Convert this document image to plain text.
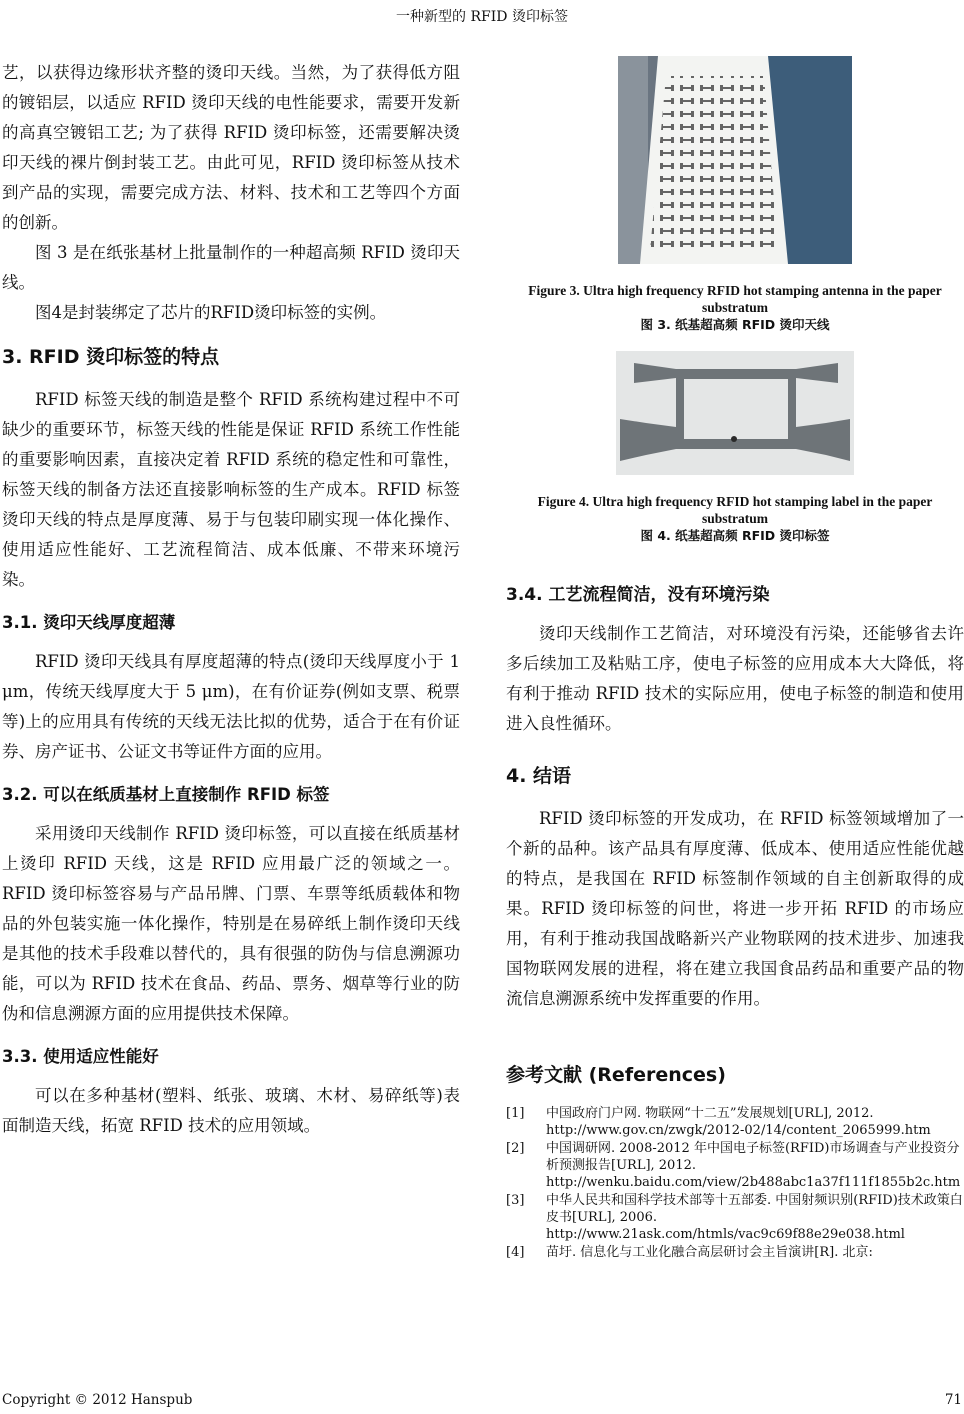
一种新型的 RFID 烫印标签

艺，以获得边缘形状齐整的烫印天线。当然，为了获得低方阻的镀铝层，以适应 RFID 烫印天线的电性能要求，需要开发新的高真空镀铝工艺; 为了获得 RFID 烫印标签，还需要解决烫印天线的裸片倒封装工艺。由此可见，RFID 烫印标签从技术到产品的实现，需要完成方法、材料、技术和工艺等四个方面的创新。

图 3 是在纸张基材上批量制作的一种超高频 RFID 烫印天线。

图4是封装绑定了芯片的RFID烫印标签的实例。

3. RFID 烫印标签的特点

RFID 标签天线的制造是整个 RFID 系统构建过程中不可缺少的重要环节，标签天线的性能是保证 RFID 系统工作性能的重要影响因素，直接决定着 RFID 系统的稳定性和可靠性，标签天线的制备方法还直接影响标签的生产成本。RFID 标签烫印天线的特点是厚度薄、易于与包装印刷实现一体化操作、使用适应性能好、工艺流程简洁、成本低廉、不带来环境污染。

3.1. 烫印天线厚度超薄

RFID 烫印天线具有厚度超薄的特点(烫印天线厚度小于 1 μm，传统天线厚度大于 5 μm)，在有价证券(例如支票、税票等)上的应用具有传统的天线无法比拟的优势，适合于在有价证券、房产证书、公证文书等证件方面的应用。

3.2. 可以在纸质基材上直接制作 RFID 标签

采用烫印天线制作 RFID 烫印标签，可以直接在纸质基材上烫印 RFID 天线，这是 RFID 应用最广泛的领域之一。RFID 烫印标签容易与产品吊牌、门票、车票等纸质载体和物品的外包装实施一体化操作，特别是在易碎纸上制作烫印天线是其他的技术手段难以替代的，具有很强的防伪与信息溯源功能，可以为 RFID 技术在食品、药品、票务、烟草等行业的防伪和信息溯源方面的应用提供技术保障。

3.3. 使用适应性能好

可以在多种基材(塑料、纸张、玻璃、木材、易碎纸等)表面制造天线，拓宽 RFID 技术的应用领域。

Figure 3. Ultra high frequency RFID hot stamping antenna in the paper substratum
图 3. 纸基超高频 RFID 烫印天线
Figure 4. Ultra high frequency RFID hot stamping label in the paper substratum
图 4. 纸基超高频 RFID 烫印标签
3.4. 工艺流程简洁，没有环境污染

烫印天线制作工艺简洁，对环境没有污染，还能够省去许多后续加工及粘贴工序，使电子标签的应用成本大大降低，将有利于推动 RFID 技术的实际应用，使电子标签的制造和使用进入良性循环。

4. 结语

RFID 烫印标签的开发成功，在 RFID 标签领域增加了一个新的品种。该产品具有厚度薄、低成本、使用适应性能优越的特点，是我国在 RFID 标签制作领域的自主创新取得的成果。RFID 烫印标签的问世，将进一步开拓 RFID 的市场应用，有利于推动我国战略新兴产业物联网的技术进步、加速我国物联网发展的进程，将在建立我国食品药品和重要产品的物流信息溯源系统中发挥重要的作用。

参考文献 (References)
[1]	中国政府门户网. 物联网“十二五”发展规划[URL], 2012. http://www.gov.cn/zwgk/2012-02/14/content_2065999.htm
[2]	中国调研网. 2008-2012 年中国电子标签(RFID)市场调查与产业投资分析预测报告[URL], 2012. http://wenku.baidu.com/view/2b488abc1a37f111f1855b2c.htm
[3]	中华人民共和国科学技术部等十五部委. 中国射频识别(RFID)技术政策白皮书[URL], 2006. http://www.21ask.com/htmls/vac9c69f88e29e038.html
[4]	苗圩. 信息化与工业化融合高层研讨会主旨演讲[R]. 北京:
Copyright © 2012 Hanspub	71
